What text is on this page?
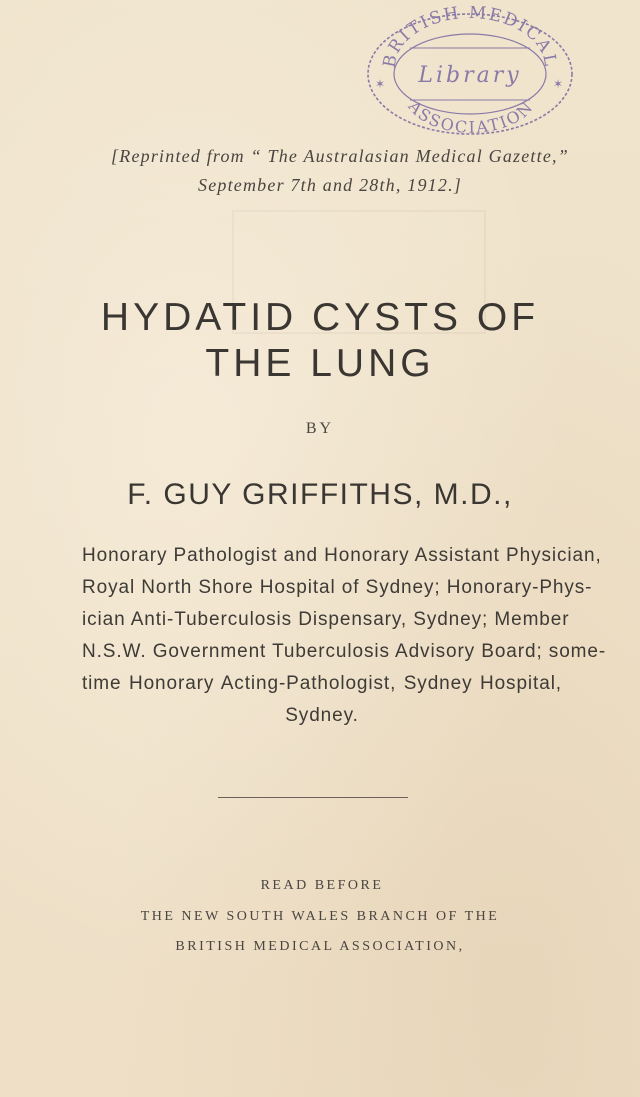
BRITISH MEDICAL
Library
ASSOCIATION
✶	✶
[Reprinted from “ The Australasian Medical Gazette,”
September 7th and 28th, 1912.]
HYDATID CYSTS OF
THE LUNG
BY
F. GUY GRIFFITHS, M.D.,
Honorary Pathologist and Honorary Assistant Physician,
Royal North Shore Hospital of Sydney; Honorary-Phys-
ician Anti-Tuberculosis Dispensary, Sydney; Member
N.S.W. Government Tuberculosis Advisory Board; some-
time Honorary Acting-Pathologist, Sydney Hospital,
Sydney.
READ BEFORE
THE NEW SOUTH WALES BRANCH OF THE
BRITISH MEDICAL ASSOCIATION,
